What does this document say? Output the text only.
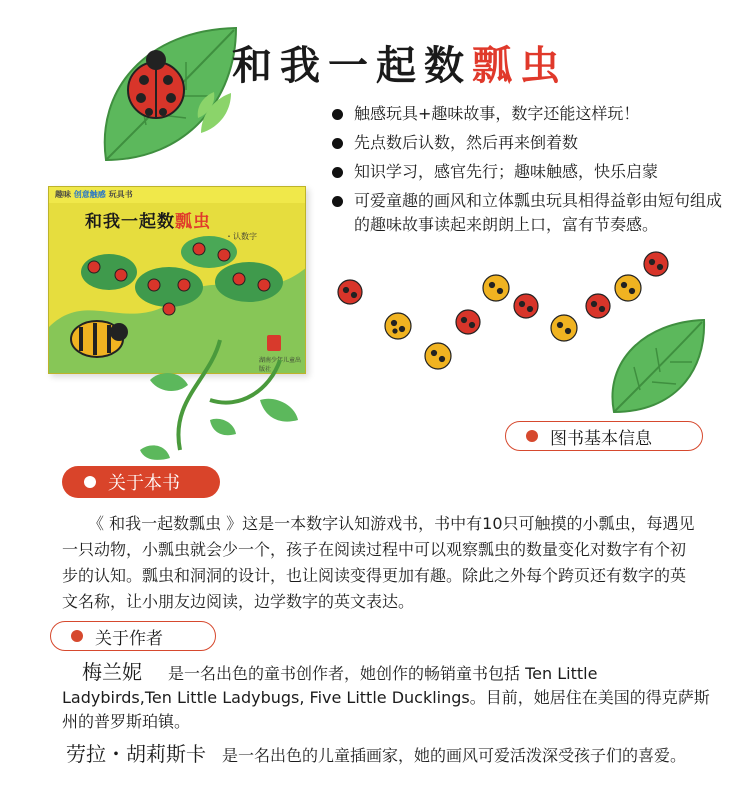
和我一起数瓢虫
触感玩具+趣味故事，数字还能这样玩！
先点数后认数，然后再来倒着数
知识学习，感官先行；趣味触感，快乐启蒙
可爱童趣的画风和立体瓢虫玩具相得益彰由短句组成的趣味故事读起来朗朗上口，富有节奏感。
趣味 创意触感 玩具书
和我一起数瓢虫
・认数字
湖南少年儿童出版社
图书基本信息
关于本书
《 和我一起数瓢虫 》这是一本数字认知游戏书，书中有10只可触摸的小瓢虫，每遇见一只动物，小瓢虫就会少一个，孩子在阅读过程中可以观察瓢虫的数量变化对数字有个初步的认知。瓢虫和洞洞的设计，也让阅读变得更加有趣。除此之外每个跨页还有数字的英文名称，让小朋友边阅读，边学数字的英文表达。
关于作者
梅兰妮 是一名出色的童书创作者，她创作的畅销童书包括 Ten Little Ladybirds,Ten Little Ladybugs, Five Little Ducklings。目前，她居住在美国的得克萨斯州的普罗斯珀镇。
劳拉・胡莉斯卡 是一名出色的儿童插画家，她的画风可爱活泼深受孩子们的喜爱。
